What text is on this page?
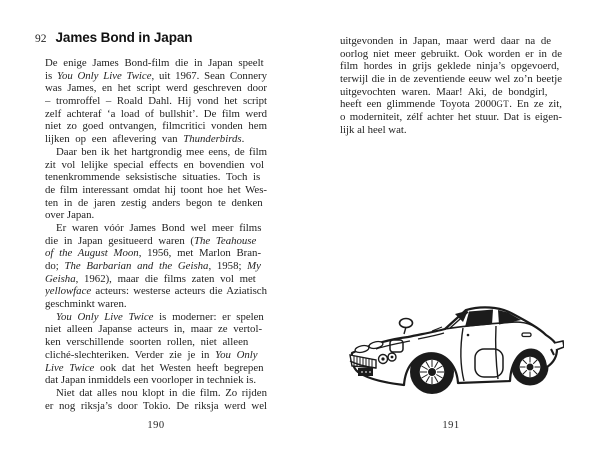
92 James Bond in Japan
De enige James Bond-film die in Japan speelt
is You Only Live Twice, uit 1967. Sean Connery
was James, en het script werd geschreven door
– tromroffel – Roald Dahl. Hij vond het script
zelf achteraf ‘a load of bullshit’. De film werd
niet zo goed ontvangen, filmcritici vonden hem
lijken op een aflevering van Thunderbirds.
Daar ben ik het hartgrondig mee eens, de film
zit vol lelijke special effects en bovendien vol
tenenkrommende seksistische situaties. Toch is
de film interessant omdat hij toont hoe het Wes-
ten in de jaren zestig anders begon te denken
over Japan.
Er waren vóór James Bond wel meer films
die in Japan gesitueerd waren (The Teahouse
of the August Moon, 1956, met Marlon Bran-
do; The Barbarian and the Geisha, 1958; My
Geisha, 1962), maar die films zaten vol met
yellowface acteurs: westerse acteurs die Aziatisch
geschminkt waren.
You Only Live Twice is moderner: er spelen
niet alleen Japanse acteurs in, maar ze vertol-
ken verschillende soorten rollen, niet alleen
cliché-slechteriken. Verder zie je in You Only
Live Twice ook dat het Westen heeft begrepen
dat Japan inmiddels een voorloper in techniek is.
Niet dat alles nou klopt in die film. Zo rijden
er nog riksja’s door Tokio. De riksja werd wel
190
uitgevonden in Japan, maar werd daar na de
oorlog niet meer gebruikt. Ook worden er in de
film hordes in grijs geklede ninja’s opgevoerd,
terwijl die in de zeventiende eeuw wel zo’n beetje
uitgevochten waren. Maar! Aki, de bondgirl,
heeft een glimmende Toyota 2000GT. En ze zit,
o moderniteit, zélf achter het stuur. Dat is eigen-
lijk al heel wat.
191
